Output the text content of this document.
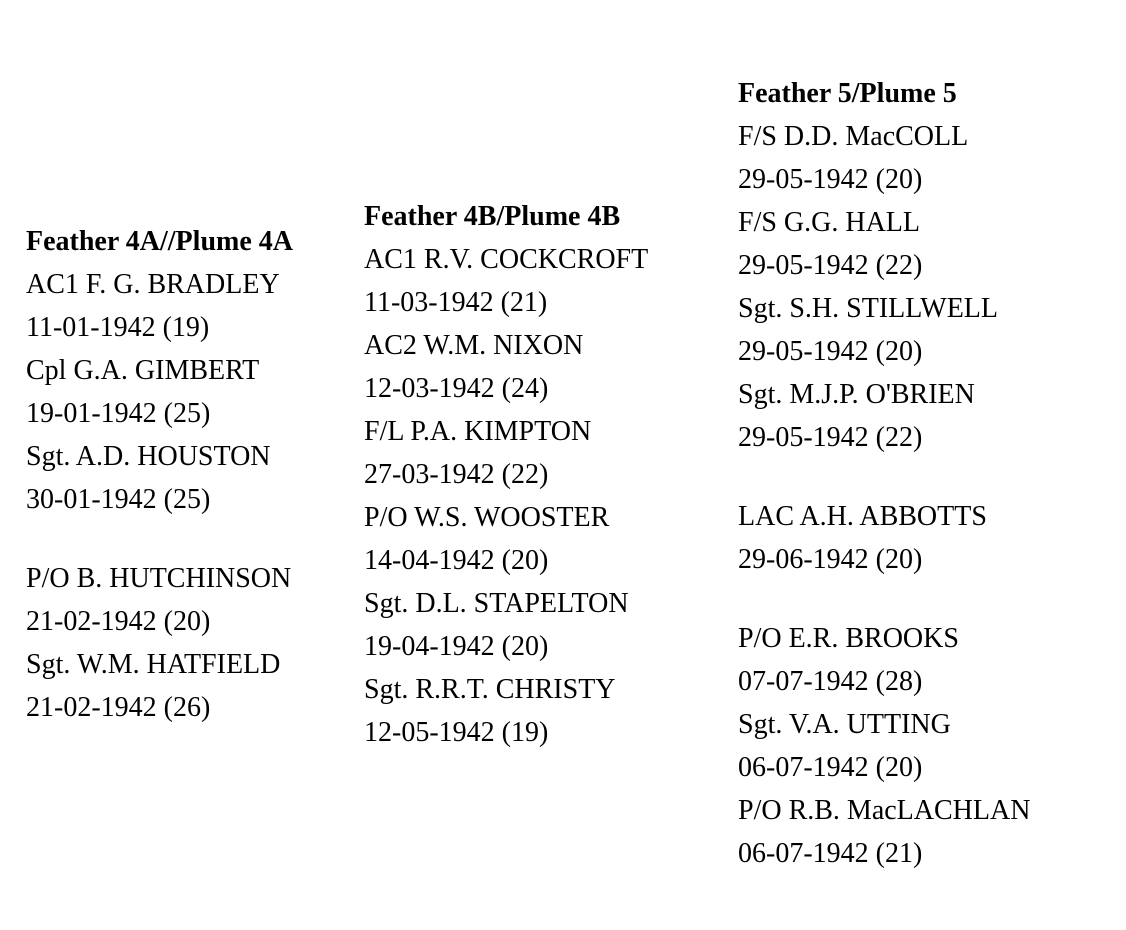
Feather 4A//Plume 4A
AC1 F. G. BRADLEY
11-01-1942 (19)
Cpl G.A. GIMBERT
19-01-1942 (25)
Sgt. A.D. HOUSTON
30-01-1942 (25)
P/O B. HUTCHINSON
21-02-1942 (20)
Sgt. W.M. HATFIELD
21-02-1942 (26)
Feather 4B/Plume 4B
AC1 R.V. COCKCROFT
11-03-1942 (21)
AC2 W.M. NIXON
12-03-1942 (24)
F/L P.A. KIMPTON
27-03-1942 (22)
P/O W.S. WOOSTER
14-04-1942 (20)
Sgt. D.L. STAPELTON
19-04-1942 (20)
Sgt. R.R.T. CHRISTY
12-05-1942 (19)
Feather 5/Plume 5
F/S D.D. MacCOLL
29-05-1942 (20)
F/S G.G. HALL
29-05-1942 (22)
Sgt. S.H. STILLWELL
29-05-1942 (20)
Sgt. M.J.P. O'BRIEN
29-05-1942 (22)
LAC A.H. ABBOTTS
29-06-1942 (20)
P/O E.R. BROOKS
07-07-1942 (28)
Sgt. V.A. UTTING
06-07-1942 (20)
P/O R.B. MacLACHLAN
06-07-1942 (21)
